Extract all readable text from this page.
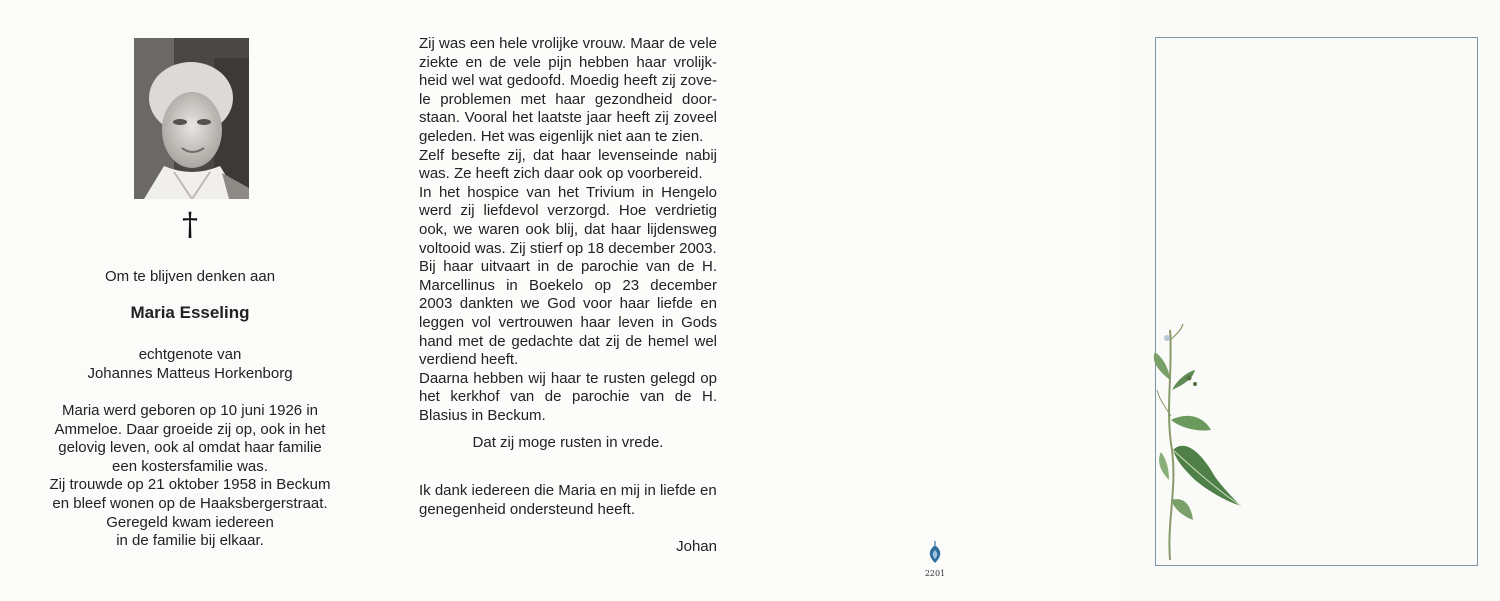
†
Om te blijven denken aan
Maria Esseling
echtgenote van
Johannes Matteus Horkenborg
Maria werd geboren op 10 juni 1926 in
Ammeloe. Daar groeide zij op, ook in het
gelovig leven, ook al omdat haar familie
een kostersfamilie was.
Zij trouwde op 21 oktober 1958 in Beckum
en bleef wonen op de Haaksbergerstraat.
Geregeld kwam iedereen
in de familie bij elkaar.
Zij was een hele vrolijke vrouw. Maar de vele
ziekte en de vele pijn hebben haar vrolijk-
heid wel wat gedoofd. Moedig heeft zij zove-
le problemen met haar gezondheid door-
staan. Vooral het laatste jaar heeft zij zoveel
geleden. Het was eigenlijk niet aan te zien.
Zelf besefte zij, dat haar levenseinde nabij
was. Ze heeft zich daar ook op voorbereid.
In het hospice van het Trivium in Hengelo
werd zij liefdevol verzorgd. Hoe verdrietig
ook, we waren ook blij, dat haar lijdensweg
voltooid was. Zij stierf op 18 december 2003.
Bij haar uitvaart in de parochie van de H.
Marcellinus in Boekelo op 23 december
2003 dankten we God voor haar liefde en
leggen vol vertrouwen haar leven in Gods
hand met de gedachte dat zij de hemel wel
verdiend heeft.
Daarna hebben wij haar te rusten gelegd op
het kerkhof van de parochie van de H.
Blasius in Beckum.
Dat zij moge rusten in vrede.
Ik dank iedereen die Maria en mij in liefde en
genegenheid ondersteund heeft.
Johan
2201
